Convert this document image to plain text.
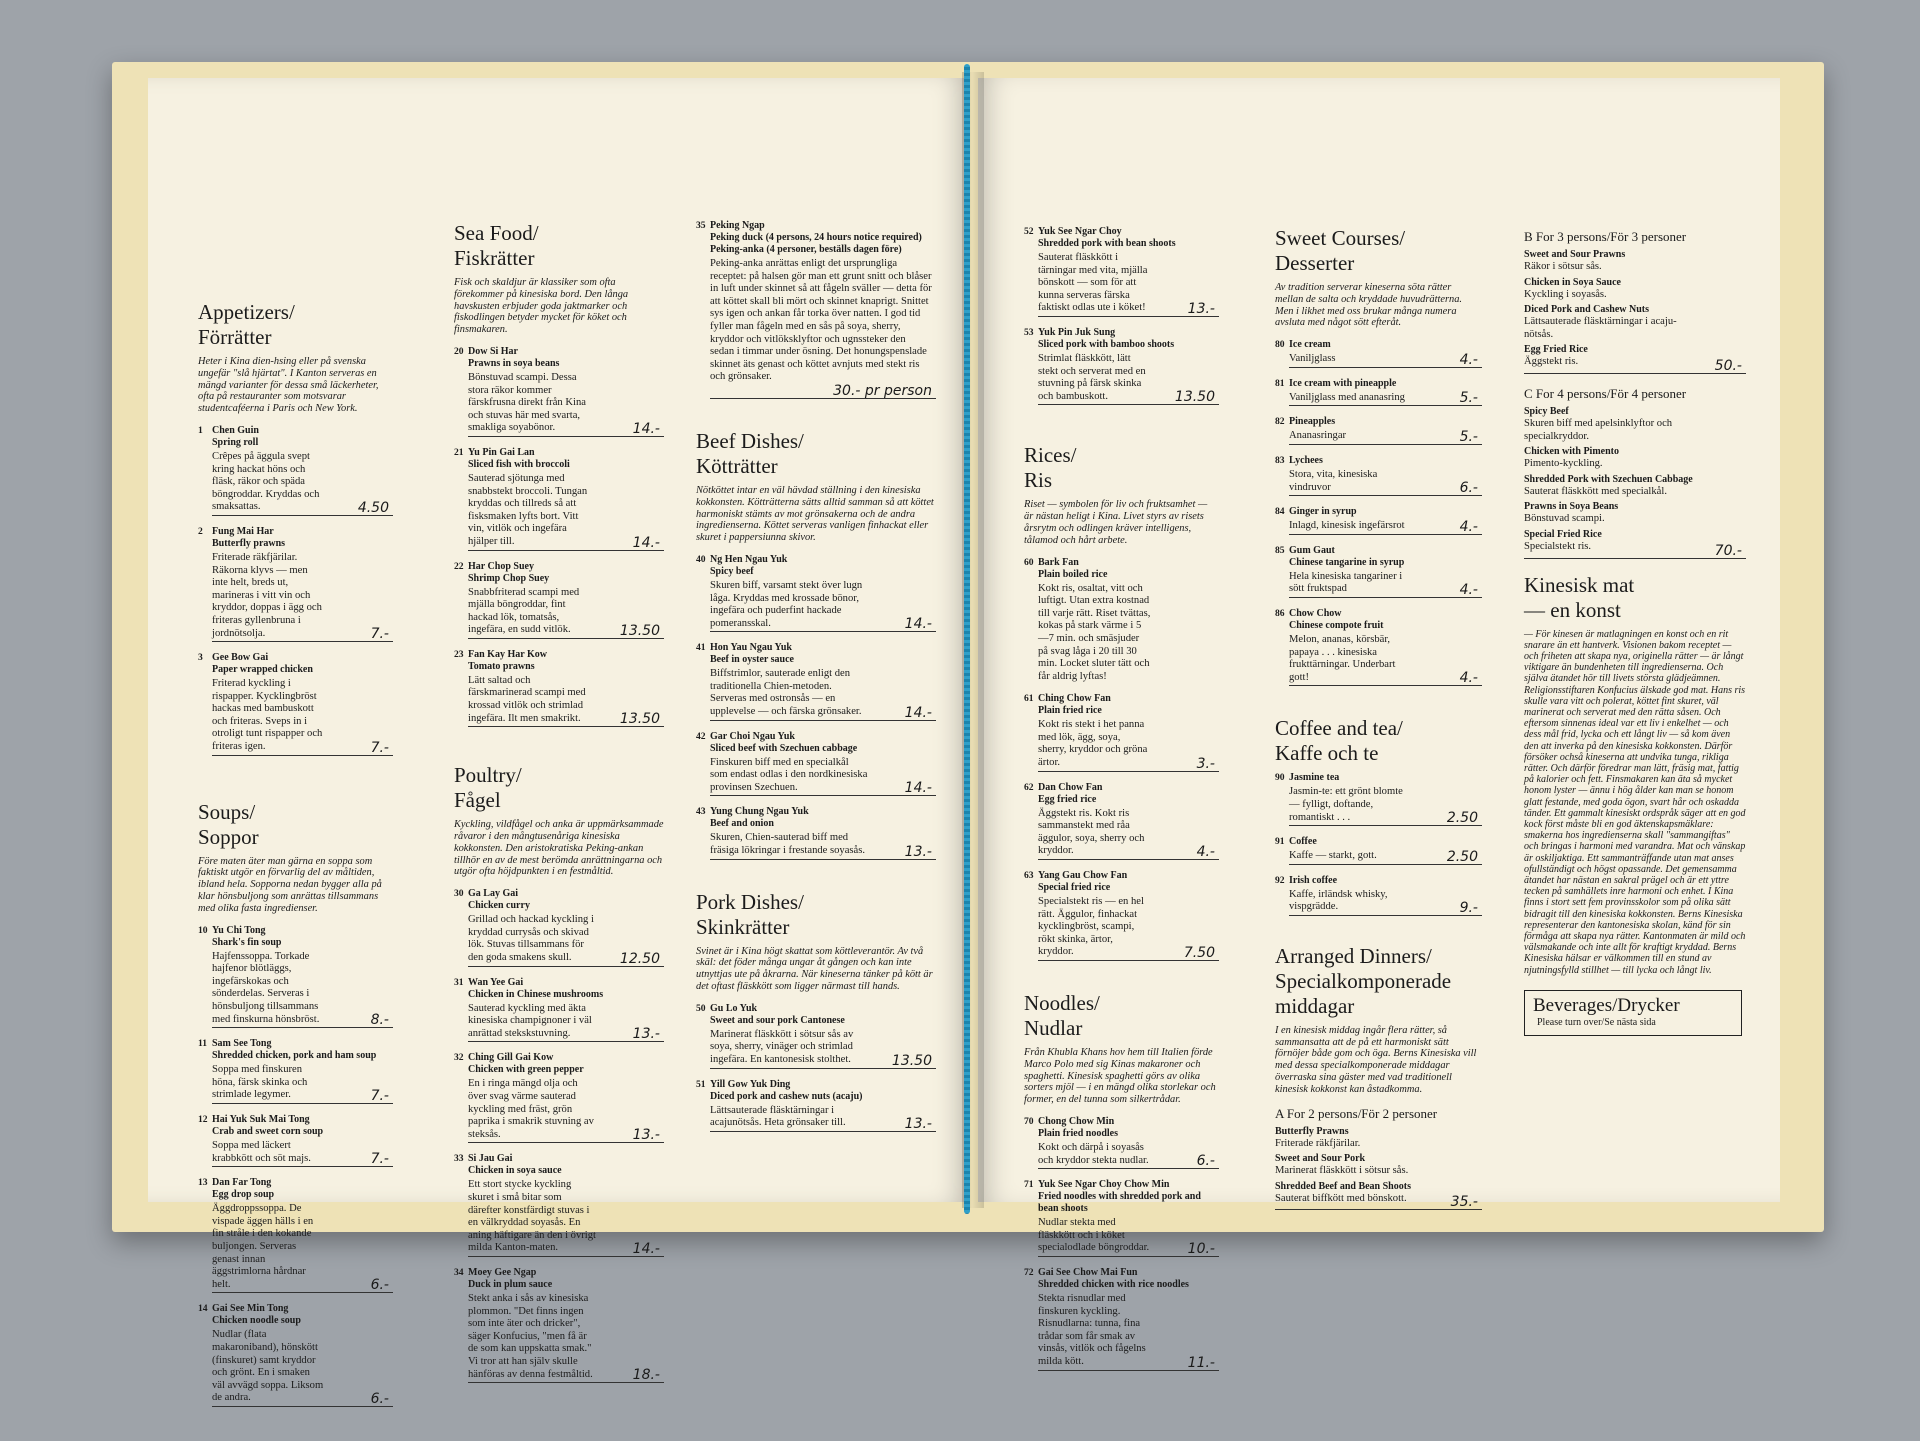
Appetizers/
Förrätter
Heter i Kina dien-hsing eller på svenska ungefär "slå hjärtat". I Kanton serveras en mängd varianter för dessa små läckerheter, ofta på restauranter som motsvarar studentcaféerna i Paris och New York.
1 Chen Guin
Spring roll
Crêpes på äggula svept kring hackat höns och fläsk, räkor och späda böngroddar. Kryddas och smaksattas.	4.50
2 Fung Mai Har
Butterfly prawns
Friterade räkfjärilar. Räkorna klyvs — men inte helt, breds ut, marineras i vitt vin och kryddor, doppas i ägg och friteras gyllenbruna i jordnötsolja.	7.-
3 Gee Bow Gai
Paper wrapped chicken
Friterad kyckling i rispapper. Kycklingbröst hackas med bambuskott och friteras. Sveps in i otroligt tunt rispapper och friteras igen.	7.-
Soups/
Soppor
Före maten äter man gärna en soppa som faktiskt utgör en förvarlig del av måltiden, ibland hela. Sopporna nedan bygger alla på klar hönsbuljong som anrättas tillsammans med olika fasta ingredienser.
10 Yu Chi Tong
Shark's fin soup
Hajfenssoppa. Torkade hajfenor blötläggs, ingefärskokas och sönderdelas. Serveras i hönsbuljong tillsammans med finskurna hönsbröst.	8.-
11 Sam See Tong
Shredded chicken, pork and ham soup
Soppa med finskuren höna, färsk skinka och strimlade legymer.	7.-
12 Hai Yuk Suk Mai Tong
Crab and sweet corn soup
Soppa med läckert krabbkött och söt majs.	7.-
13 Dan Far Tong
Egg drop soup
Äggdroppssoppa. De vispade äggen hälls i en fin stråle i den kokande buljongen. Serveras genast innan äggstrimlorna hårdnar helt.	6.-
14 Gai See Min Tong
Chicken noodle soup
Nudlar (flata makaroniband), hönskött (finskuret) samt kryddor och grönt. En i smaken väl avvägd soppa. Liksom de andra.	6.-
Sea Food/
Fiskrätter
Fisk och skaldjur är klassiker som ofta förekommer på kinesiska bord. Den långa havskusten erbjuder goda jaktmarker och fiskodlingen betyder mycket för köket och finsmakaren.
20 Dow Si Har
Prawns in soya beans
Bönstuvad scampi. Dessa stora räkor kommer färskfrusna direkt från Kina och stuvas här med svarta, smakliga soyabönor.	14.-
21 Yu Pin Gai Lan
Sliced fish with broccoli
Sauterad sjötunga med snabbstekt broccoli. Tungan kryddas och tillreds så att fisksmaken lyfts bort. Vitt vin, vitlök och ingefära hjälper till.	14.-
22 Har Chop Suey
Shrimp Chop Suey
Snabbfriterad scampi med mjälla böngroddar, fint hackad lök, tomatsås, ingefära, en sudd vitlök.	13.50
23 Fan Kay Har Kow
Tomato prawns
Lätt saltad och färskmarinerad scampi med krossad vitlök och strimlad ingefära. Ilt men smakrikt.	13.50
Poultry/
Fågel
Kyckling, vildfågel och anka är uppmärksammade råvaror i den mångtusenåriga kinesiska kokkonsten. Den aristokratiska Peking-ankan tillhör en av de mest berömda anrättningarna och utgör ofta höjdpunkten i en festmåltid.
30 Ga Lay Gai
Chicken curry
Grillad och hackad kyckling i kryddad currysås och skivad lök. Stuvas tillsammans för den goda smakens skull.	12.50
31 Wan Yee Gai
Chicken in Chinese mushrooms
Sauterad kyckling med äkta kinesiska champignoner i väl anrättad stekskstuvning.	13.-
32 Ching Gill Gai Kow
Chicken with green pepper
En i ringa mängd olja och över svag värme sauterad kyckling med fräst, grön paprika i smakrik stuvning av steksås.	13.-
33 Si Jau Gai
Chicken in soya sauce
Ett stort stycke kyckling skuret i små bitar som därefter konstfärdigt stuvas i en välkryddad soyasås. En aning häftigare än den i övrigt milda Kanton-maten.	14.-
34 Moey Gee Ngap
Duck in plum sauce
Stekt anka i sås av kinesiska plommon. "Det finns ingen som inte äter och dricker", säger Konfucius, "men få är de som kan uppskatta smak." Vi tror att han själv skulle hänföras av denna festmåltid.	18.-
35 Peking Ngap
Peking duck (4 persons, 24 hours notice required)
Peking-anka (4 personer, beställs dagen före)
Peking-anka anrättas enligt det ursprungliga receptet: på halsen gör man ett grunt snitt och blåser in luft under skinnet så att fågeln sväller — detta för att köttet skall bli mört och skinnet knaprigt. Snittet sys igen och ankan får torka över natten. I god tid fyller man fågeln med en sås på soya, sherry, kryddor och vitlöksklyftor och ugnssteker den sedan i timmar under ösning. Det honungspenslade skinnet äts genast och köttet avnjuts med stekt ris och grönsaker.
30.- pr person
Beef Dishes/
Kötträtter
Nötköttet intar en väl hävdad ställning i den kinesiska kokkonsten. Kötträtterna sätts alltid samman så att köttet harmoniskt stämts av mot grönsakerna och de andra ingredienserna. Köttet serveras vanligen finhackat eller skuret i pappersiunna skivor.
40 Ng Hen Ngau Yuk
Spicy beef
Skuren biff, varsamt stekt över lugn låga. Kryddas med krossade bönor, ingefära och puderfint hackade pomeransskal.	14.-
41 Hon Yau Ngau Yuk
Beef in oyster sauce
Biffstrimlor, sauterade enligt den traditionella Chien-metoden. Serveras med ostronsås — en upplevelse — och färska grönsaker.	14.-
42 Gar Choi Ngau Yuk
Sliced beef with Szechuen cabbage
Finskuren biff med en specialkål som endast odlas i den nordkinesiska provinsen Szechuen.	14.-
43 Yung Chung Ngau Yuk
Beef and onion
Skuren, Chien-sauterad biff med fräsiga lökringar i frestande soyasås.	13.-
Pork Dishes/
Skinkrätter
Svinet är i Kina högt skattat som köttleverantör. Av två skäl: det föder många ungar åt gången och kan inte utnyttjas ute på åkrarna. När kineserna tänker på kött är det oftast fläskkött som ligger närmast till hands.
50 Gu Lo Yuk
Sweet and sour pork Cantonese
Marinerat fläskkött i sötsur sås av soya, sherry, vinäger och strimlad ingefära. En kantonesisk stolthet.	13.50
51 Yill Gow Yuk Ding
Diced pork and cashew nuts (acaju)
Lättsauterade fläsktärningar i acajunötsås. Heta grönsaker till.	13.-
52 Yuk See Ngar Choy
Shredded pork with bean shoots
Sauterat fläskkött i tärningar med vita, mjälla bönskott — som för att kunna serveras färska faktiskt odlas ute i köket!	13.-
53 Yuk Pin Juk Sung
Sliced pork with bamboo shoots
Strimlat fläskkött, lätt stekt och serverat med en stuvning på färsk skinka och bambuskott.	13.50
Rices/
Ris
Riset — symbolen för liv och fruktsamhet — är nästan heligt i Kina. Livet styrs av risets årsrytm och odlingen kräver intelligens, tålamod och hårt arbete.
60 Bark Fan
Plain boiled rice
Kokt ris, osaltat, vitt och luftigt. Utan extra kostnad till varje rätt. Riset tvättas, kokas på stark värme i 5—7 min. och smäsjuder på svag låga i 20 till 30 min. Locket sluter tätt och får aldrig lyftas!
61 Ching Chow Fan
Plain fried rice
Kokt ris stekt i het panna med lök, ägg, soya, sherry, kryddor och gröna ärtor.	3.-
62 Dan Chow Fan
Egg fried rice
Äggstekt ris. Kokt ris sammanstekt med råa äggulor, soya, sherry och kryddor.	4.-
63 Yang Gau Chow Fan
Special fried rice
Specialstekt ris — en hel rätt. Äggulor, finhackat kycklingbröst, scampi, rökt skinka, ärtor, kryddor.	7.50
Noodles/
Nudlar
Från Khubla Khans hov hem till Italien förde Marco Polo med sig Kinas makaroner och spaghetti. Kinesisk spaghetti görs av olika sorters mjöl — i en mängd olika storlekar och former, en del tunna som silkertrådar.
70 Chong Chow Min
Plain fried noodles
Kokt och därpå i soyasås och kryddor stekta nudlar.	6.-
71 Yuk See Ngar Choy Chow Min
Fried noodles with shredded pork and bean shoots
Nudlar stekta med fläskkött och i köket specialodlade böngroddar.	10.-
72 Gai See Chow Mai Fun
Shredded chicken with rice noodles
Stekta risnudlar med finskuren kyckling. Risnudlarna: tunna, fina trådar som får smak av vinsås, vitlök och fågelns milda kött.	11.-
Sweet Courses/
Desserter
Av tradition serverar kineserna söta rätter mellan de salta och kryddade huvudrätterna. Men i likhet med oss brukar många numera avsluta med något sött efteråt.
80 Ice cream
Vaniljglass	4.-
81 Ice cream with pineapple
Vaniljglass med ananasring	5.-
82 Pineapples
Ananasringar	5.-
83 Lychees
Stora, vita, kinesiska vindruvor	6.-
84 Ginger in syrup
Inlagd, kinesisk ingefärsrot	4.-
85 Gum Gaut
Chinese tangarine in syrup
Hela kinesiska tangariner i sött fruktspad	4.-
86 Chow Chow
Chinese compote fruit
Melon, ananas, körsbär, papaya . . . kinesiska frukttärningar. Underbart gott!	4.-
Coffee and tea/
Kaffe och te
90 Jasmine tea
Jasmin-te: ett grönt blomte — fylligt, doftande, romantiskt . . .	2.50
91 Coffee
Kaffe — starkt, gott.	2.50
92 Irish coffee
Kaffe, irländsk whisky, vispgrädde.	9.-
Arranged Dinners/
Specialkomponerade
middagar
I en kinesisk middag ingår flera rätter, så sammansatta att de på ett harmoniskt sätt förnöjer både gom och öga. Berns Kinesiska vill med dessa specialkomponerade middagar överraska sina gäster med vad traditionell kinesisk kokkonst kan åstadkomma.
A For 2 persons/För 2 personer
Butterfly Prawns
Friterade räkfjärilar.
Sweet and Sour Pork
Marinerat fläskkött i sötsur sås.
Shredded Beef and Bean Shoots
Sauterat biffkött med bönskott.	35.-
B For 3 persons/För 3 personer
Sweet and Sour Prawns
Räkor i sötsur sås.
Chicken in Soya Sauce
Kyckling i soyasås.
Diced Pork and Cashew Nuts
Lättsauterade fläsktärningar i acaju-nötsås.
Egg Fried Rice
Äggstekt ris.	50.-
C For 4 persons/För 4 personer
Spicy Beef
Skuren biff med apelsinklyftor och specialkryddor.
Chicken with Pimento
Pimento-kyckling.
Shredded Pork with Szechuen Cabbage
Sauterat fläskkött med specialkål.
Prawns in Soya Beans
Bönstuvad scampi.
Special Fried Rice
Specialstekt ris.	70.-
Kinesisk mat
— en konst
— För kinesen är matlagningen en konst och en rit snarare än ett hantverk. Visionen bakom receptet — och friheten att skapa nya, originella rätter — är långt viktigare än bundenheten till ingredienserna. Och själva ätandet hör till livets största glädjeämnen. Religionsstiftaren Konfucius älskade god mat. Hans ris skulle vara vitt och polerat, köttet fint skuret, väl marinerat och serverat med den rätta såsen. Och eftersom sinnenas ideal var ett liv i enkelhet — och dess mål frid, lycka och ett långt liv — så kom även den att inverka på den kinesiska kokkonsten. Därför försöker ochså kineserna att undvika tunga, rikliga rätter. Och därför föredrar man lätt, fräsig mat, fattig på kalorier och fett. Finsmakaren kan äta så mycket honom lyster — ännu i hög ålder kan man se honom glatt festande, med goda ögon, svart hår och oskadda tänder. Ett gammalt kinesiskt ordspråk säger att en god kock först måste bli en god äktenskapsmäklare: smakerna hos ingredienserna skall "sammangiftas" och bringas i harmoni med varandra. Mat och vänskap är oskiljaktiga. Ett sammanträffande utan mat anses ofullständigt och högst opassande. Det gemensamma ätandet har nästan en sakral prägel och är ett yttre tecken på samhällets inre harmoni och enhet. I Kina finns i stort sett fem provinsskolor som på olika sätt bidragit till den kinesiska kokkonsten. Berns Kinesiska representerar den kantonesiska skolan, känd för sin förmåga att skapa nya rätter. Kantonmaten är mild och välsmakande och inte allt för kraftigt kryddad. Berns Kinesiska hälsar er välkommen till en stund av njutningsfylld stillhet — till lycka och långt liv.
Beverages/Drycker
Please turn over/Se nästa sida
